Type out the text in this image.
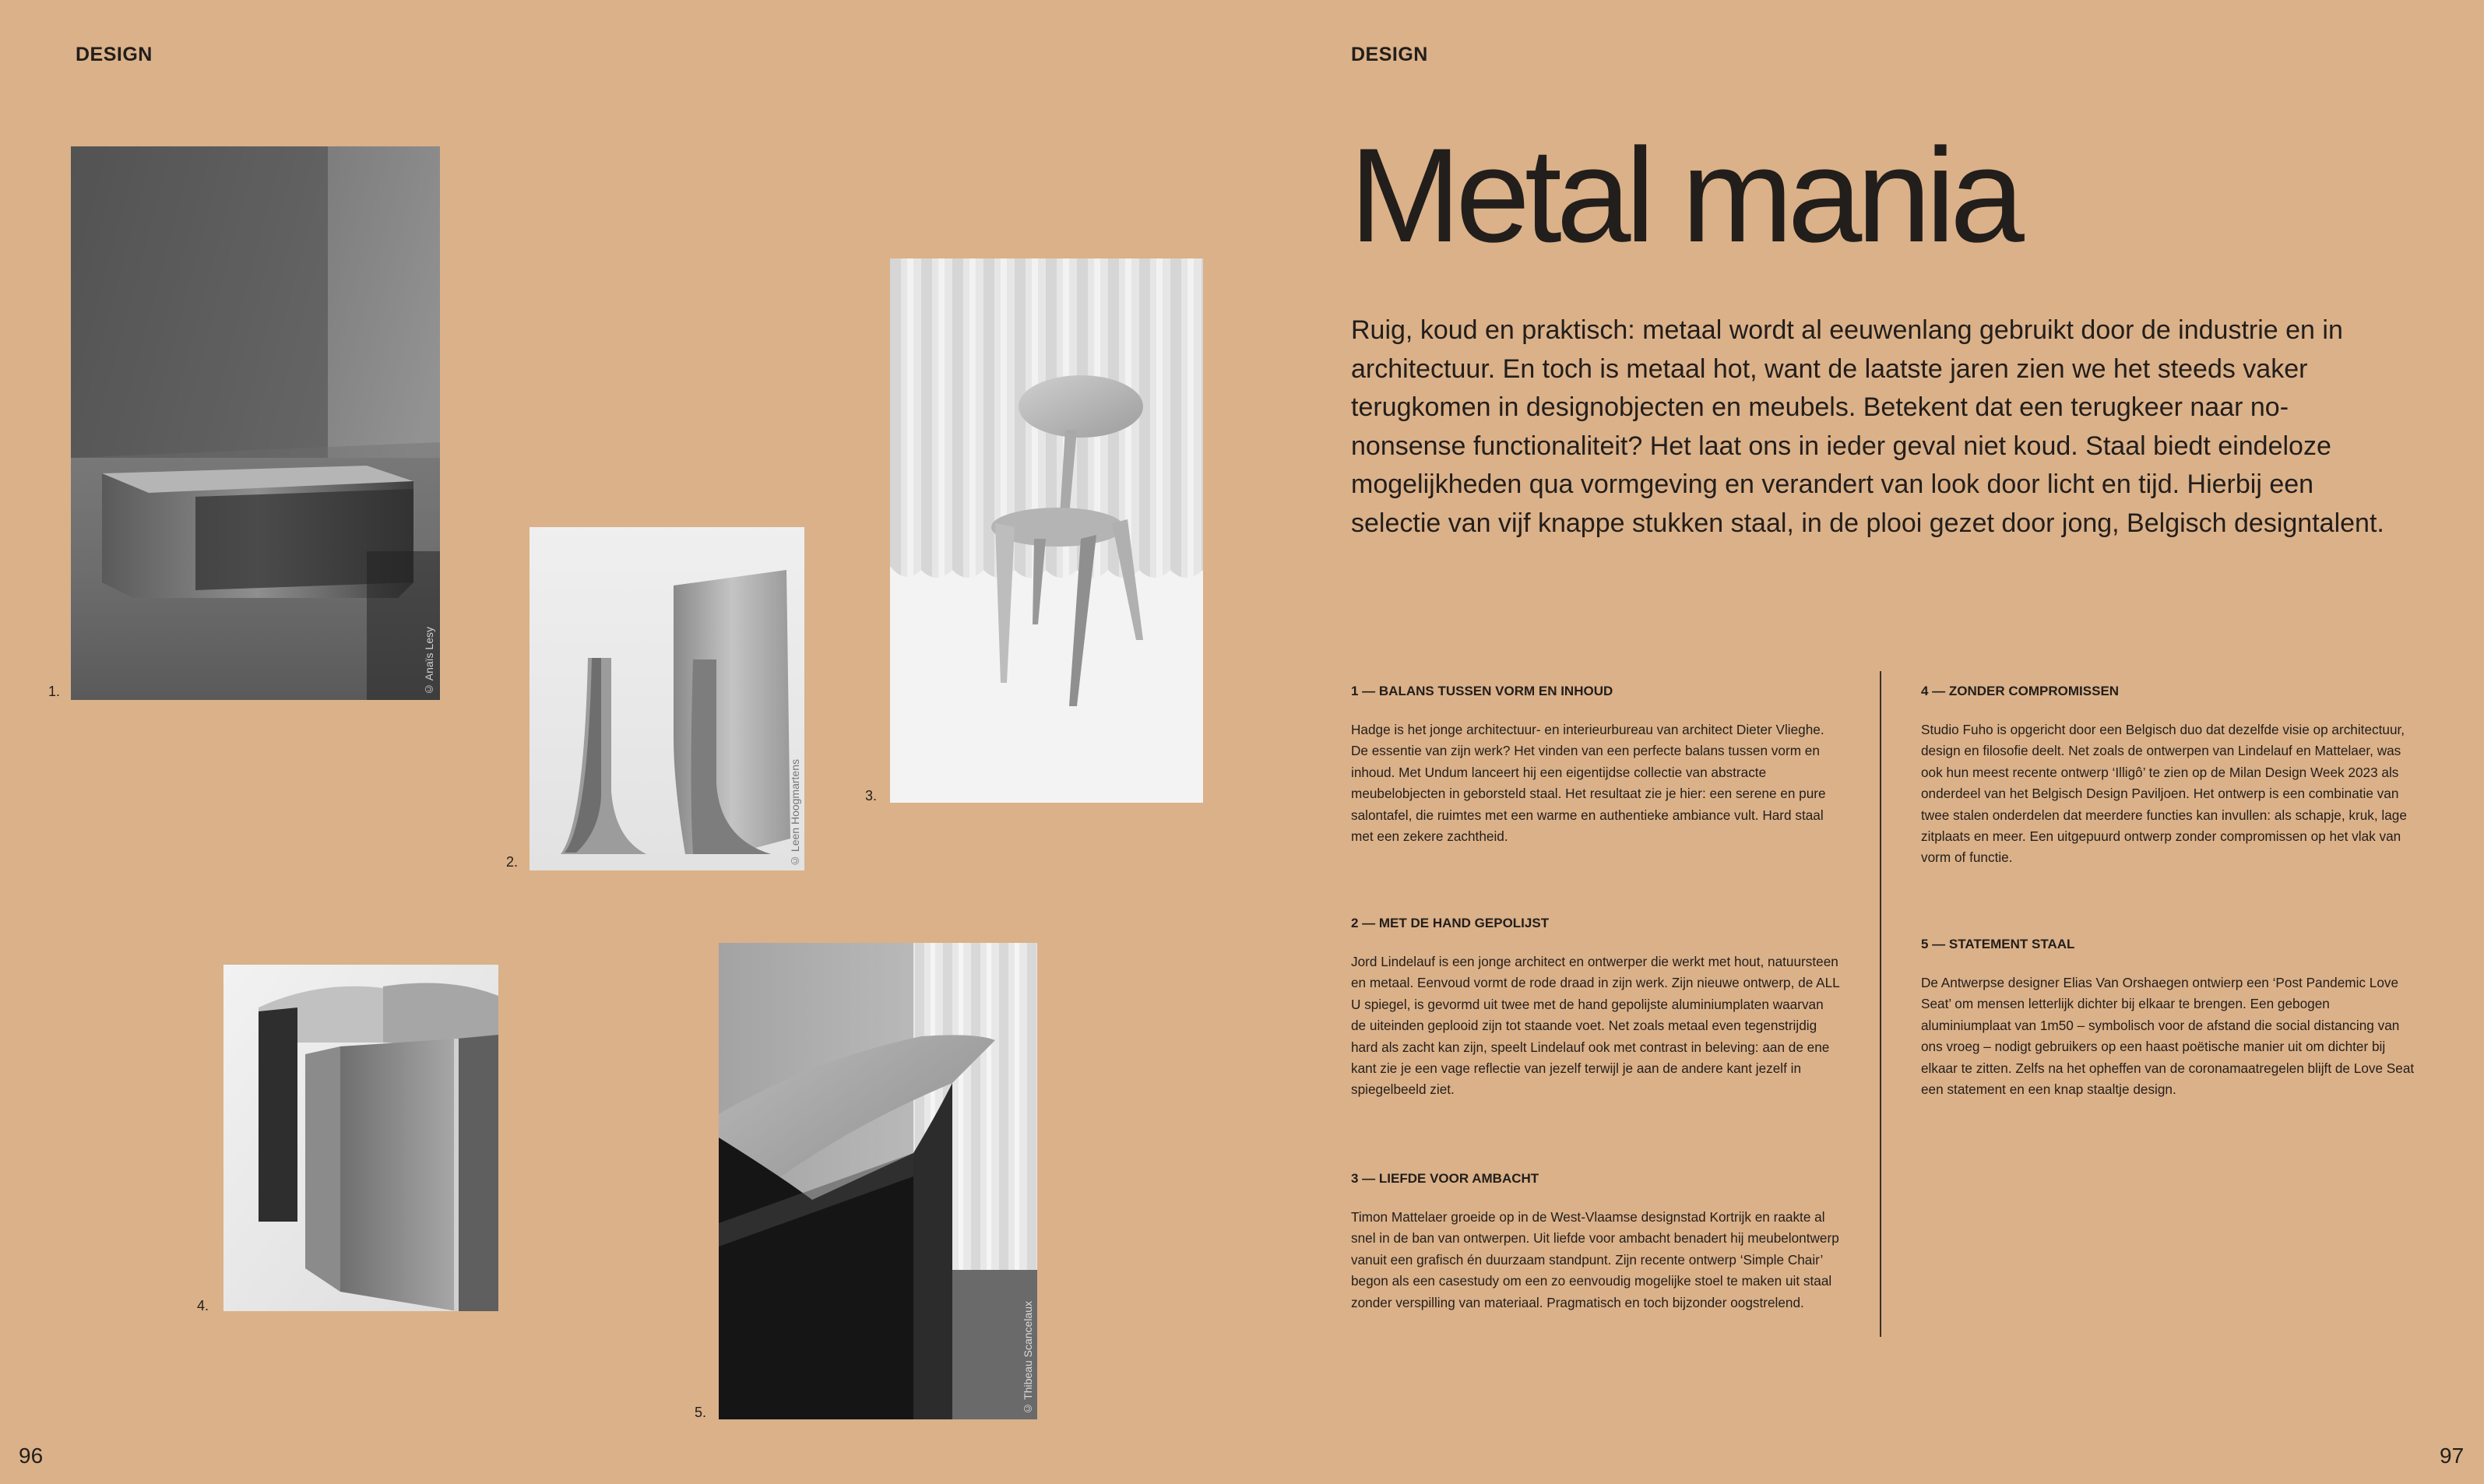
DESIGN
96
© Anaïs Lesy
1.
© Leen Hoogmartens
2.
3.
4.	© Thibeau Scancelaux
5.
DESIGN
97
Metal mania

Ruig, koud en praktisch: metaal wordt al eeuwenlang gebruikt door de industrie en in architectuur. En toch is metaal hot, want de laatste jaren zien we het steeds vaker terugkomen in designobjecten en meubels. Betekent dat een terugkeer naar no-nonsense functionaliteit? Het laat ons in ieder geval niet koud. Staal biedt eindeloze mogelijkheden qua vormgeving en verandert van look door licht en tijd. Hierbij een selectie van vijf knappe stukken staal, in de plooi gezet door jong, Belgisch designtalent.

1 — BALANS TUSSEN VORM EN INHOUD

Hadge is het jonge architectuur- en interieurbureau van architect Dieter Vlieghe. De essentie van zijn werk? Het vinden van een perfecte balans tussen vorm en inhoud. Met Undum lanceert hij een eigentijdse collectie van abstracte meubelobjecten in geborsteld staal. Het resultaat zie je hier: een serene en pure salontafel, die ruimtes met een warme en authentieke ambiance vult. Hard staal met een zekere zachtheid.

2 — MET DE HAND GEPOLIJST

Jord Lindelauf is een jonge architect en ontwerper die werkt met hout, natuursteen en metaal. Eenvoud vormt de rode draad in zijn werk. Zijn nieuwe ontwerp, de ALL U spiegel, is gevormd uit twee met de hand gepolijste aluminiumplaten waarvan de uiteinden geplooid zijn tot staande voet. Net zoals metaal even tegenstrijdig hard als zacht kan zijn, speelt Lindelauf ook met contrast in beleving: aan de ene kant zie je een vage reflectie van jezelf terwijl je aan de andere kant jezelf in spiegelbeeld ziet.

3 — LIEFDE VOOR AMBACHT

Timon Mattelaer groeide op in de West-Vlaamse designstad Kortrijk en raakte al snel in de ban van ontwerpen. Uit liefde voor ambacht benadert hij meubelontwerp vanuit een grafisch én duurzaam standpunt. Zijn recente ontwerp ‘Simple Chair’ begon als een casestudy om een zo eenvoudig mogelijke stoel te maken uit staal zonder verspilling van materiaal. Pragmatisch en toch bijzonder oogstrelend.

4 — ZONDER COMPROMISSEN

Studio Fuho is opgericht door een Belgisch duo dat dezelfde visie op architectuur, design en filosofie deelt. Net zoals de ontwerpen van Lindelauf en Mattelaer, was ook hun meest recente ontwerp ‘Illigô’ te zien op de Milan Design Week 2023 als onderdeel van het Belgisch Design Paviljoen. Het ontwerp is een combinatie van twee stalen onderdelen dat meerdere functies kan invullen: als schapje, kruk, lage zitplaats en meer. Een uitgepuurd ontwerp zonder compromissen op het vlak van vorm of functie.

5 — STATEMENT STAAL

De Antwerpse designer Elias Van Orshaegen ontwierp een ‘Post Pandemic Love Seat’ om mensen letterlijk dichter bij elkaar te brengen. Een gebogen aluminiumplaat van 1m50 – symbolisch voor de afstand die social distancing van ons vroeg – nodigt gebruikers op een haast poëtische manier uit om dichter bij elkaar te zitten. Zelfs na het opheffen van de coronamaatregelen blijft de Love Seat een statement en een knap staaltje design.
